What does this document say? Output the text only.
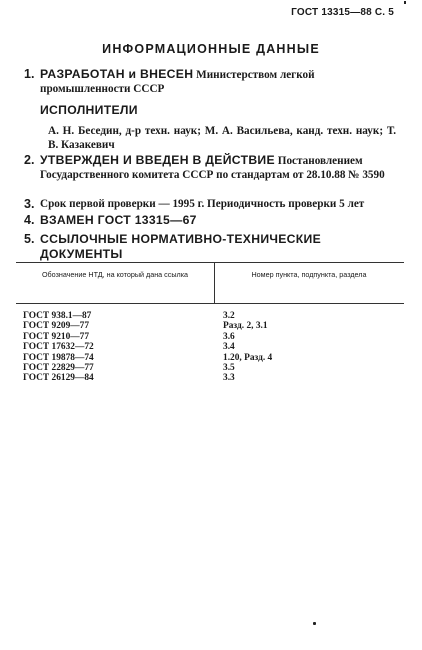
ГОСТ 13315—88 С. 5
ИНФОРМАЦИОННЫЕ ДАННЫЕ
1. РАЗРАБОТАН и ВНЕСЕН Министерством легкой промышленности СССР
ИСПОЛНИТЕЛИ
А. Н. Беседин, д-р техн. наук; М. А. Васильева, канд. техн. наук; Т. В. Казакевич
2. УТВЕРЖДЕН И ВВЕДЕН В ДЕЙСТВИЕ Постановлением Государственного комитета СССР по стандартам от 28.10.88 № 3590
3. Срок первой проверки — 1995 г. Периодичность проверки 5 лет
4. ВЗАМЕН ГОСТ 13315—67
5. ССЫЛОЧНЫЕ НОРМАТИВНО-ТЕХНИЧЕСКИЕ ДОКУМЕНТЫ
Обозначение НТД, на который дана ссылка	Номер пункта, подпункта, раздела
ГОСТ 938.1—87	3.2
ГОСТ 9209—77	Разд. 2, 3.1
ГОСТ 9210—77	3.6
ГОСТ 17632—72	3.4
ГОСТ 19878—74	1.20, Разд. 4
ГОСТ 22829—77	3.5
ГОСТ 26129—84	3.3
